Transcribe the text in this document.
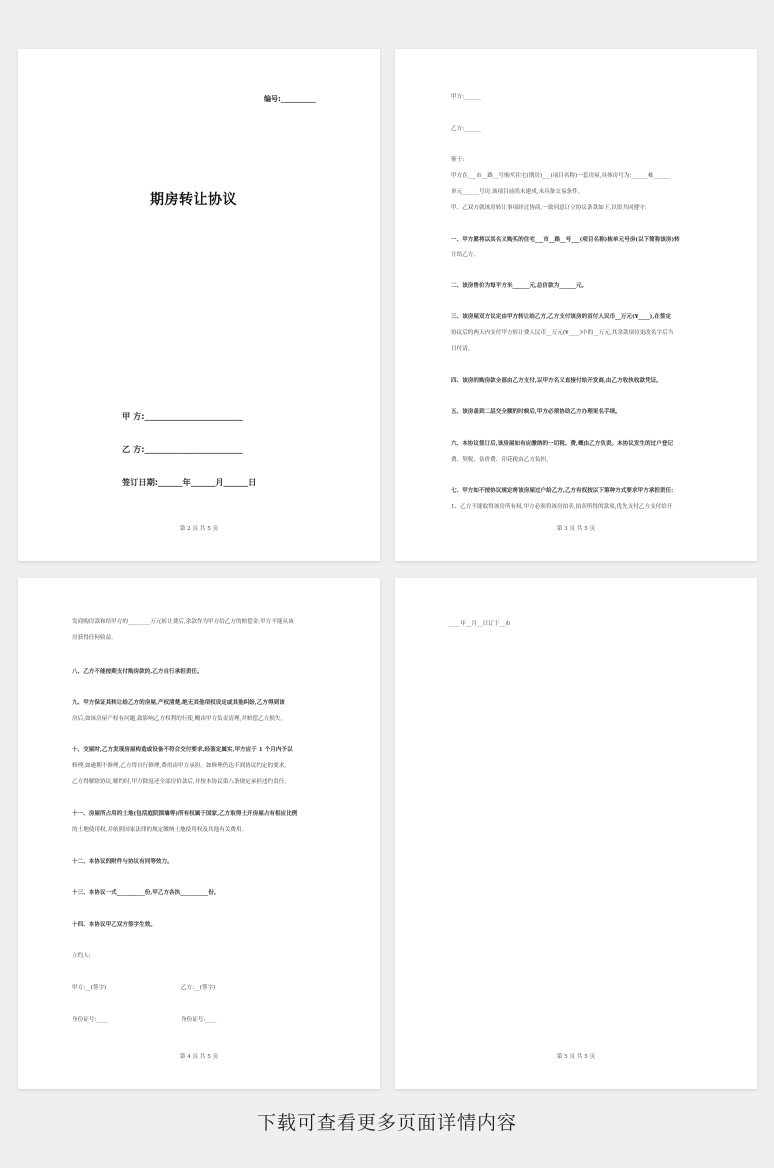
编号:__________
期房转让协议
甲 方:________________________
乙 方:________________________
签订日期:______年______月______日
第 2 页 共 5 页
甲方:______
乙方:______
鉴于:
甲方在___市__路__号购买住宅(期房)___(项目名称)一套房屋,具体房号为:______栋______
单元______号房,该项目前尚未建成,未具备交易条件。
甲、乙双方就该房转让事项经过协商,一致同意订立协议条款如下,以资共同遵守:
一、甲方愿将以其名义购买的住宅___市__路__号___(项目名称)栋单元号房(以下简称该房)转
让给乙方。
二、该房售价为每平方米______元,总价款为______元。
三、该房屋双方议定由甲方转让给乙方,乙方支付该房的首付人民币__万元(¥____),在签定
协议后的两天内支付甲方转让费人民币__万元(¥____)中的__万元,其余款项待更改名字后当
日付清。
四、该房的购房款全部由乙方支付,以甲方名义直接付给开发商,由乙方收执收款凭证。
五、该房盖到二层交全额的时候后,甲方必须协助乙方办理更名手续。
六、本协议签订后,该房屋如有应缴纳的一切税、费,概由乙方负责。本协议发生的过户登记
费、契税、估价费、印花税由乙方负担。
七、甲方如不按协议规定将该房屋过户给乙方,乙方有权按以下第种方式要求甲方承担责任:
1、乙方不能取得该房所有权,甲方必须将该房拍卖,拍卖所得的款项,优先支付乙方支付给开
第 3 页 共 5 页
发商购房款和给甲方的________万元转让费后,余款作为甲方给乙方的赔偿金,甲方不能从该
房获得任何收益。
八、乙方不能按期支付购房款的,乙方自行承担责任。
九、甲方保证其转让给乙方的房屋,产权清楚,绝无其他项权设定或其他纠纷,乙方得到该
房后,如该房屋产权有问题,致影响乙方权利的行使,概由甲方负责清理,并赔偿乙方损失。
十、交屋时,乙方发现房屋构造或设备不符合交付要求,经鉴定属实,甲方应于 1 个月内予以
修理,如逾期不修理,乙方得自行修理,费用由甲方承担。如修理仍达不到协议约定的要求,
乙方得解除协议,解约时,甲方除返还全部房价款后,并按本协议第八条规定承担违约责任。
十一、房屋所占用的土地(包括庭院围墙等)所有权属于国家,乙方取得土开房屋占有相应比例
的土地使用权,并依照国家法律的规定缴纳土地使用权及其他有关费用。
十二、本协议的附件与协议有同等效力。
十三、本协议一式__________份,甲乙方各执__________份。
十四、本协议甲乙双方签字生效。
立约人:
甲方:__(签字)	乙方:__(签字)
身份证号:____	身份证号:____
第 4 页 共 5 页
____年__月__日订于__市
第 5 页 共 5 页
下载可查看更多页面详情内容
